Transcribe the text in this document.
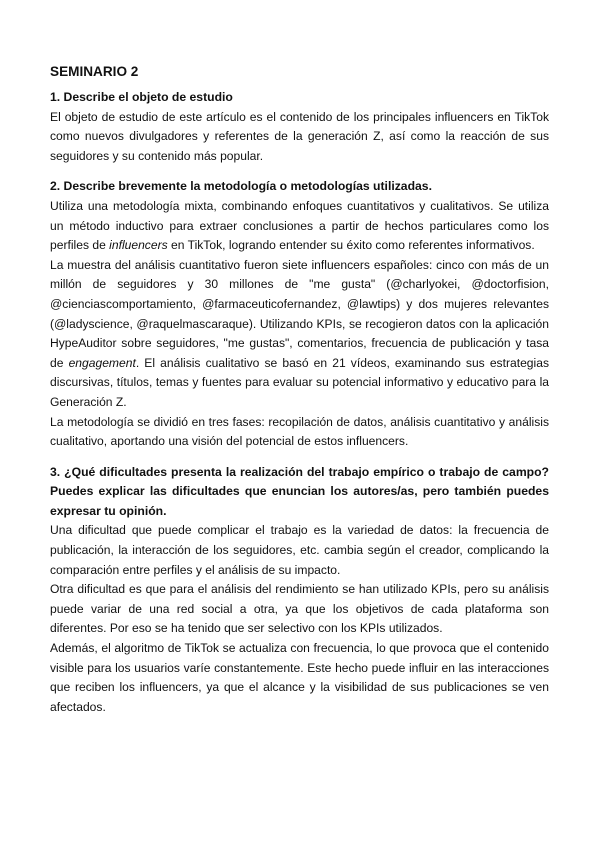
SEMINARIO 2
1. Describe el objeto de estudio

El objeto de estudio de este artículo es el contenido de los principales influencers en TikTok como nuevos divulgadores y referentes de la generación Z, así como la reacción de sus seguidores y su contenido más popular.

2. Describe brevemente la metodología o metodologías utilizadas.

Utiliza una metodología mixta, combinando enfoques cuantitativos y cualitativos. Se utiliza un método inductivo para extraer conclusiones a partir de hechos particulares como los perfiles de influencers en TikTok, logrando entender su éxito como referentes informativos.

La muestra del análisis cuantitativo fueron siete influencers españoles: cinco con más de un millón de seguidores y 30 millones de "me gusta" (@charlyokei, @doctorfision, @cienciascomportamiento, @farmaceuticofernandez, @lawtips) y dos mujeres relevantes (@ladyscience, @raquelmascaraque). Utilizando KPIs, se recogieron datos con la aplicación HypeAuditor sobre seguidores, "me gustas", comentarios, frecuencia de publicación y tasa de engagement. El análisis cualitativo se basó en 21 vídeos, examinando sus estrategias discursivas, títulos, temas y fuentes para evaluar su potencial informativo y educativo para la Generación Z.

La metodología se dividió en tres fases: recopilación de datos, análisis cuantitativo y análisis cualitativo, aportando una visión del potencial de estos influencers.

3. ¿Qué dificultades presenta la realización del trabajo empírico o trabajo de campo? Puedes explicar las dificultades que enuncian los autores/as, pero también puedes expresar tu opinión.

Una dificultad que puede complicar el trabajo es la variedad de datos: la frecuencia de publicación, la interacción de los seguidores, etc. cambia según el creador, complicando la comparación entre perfiles y el análisis de su impacto.

Otra dificultad es que para el análisis del rendimiento se han utilizado KPIs, pero su análisis puede variar de una red social a otra, ya que los objetivos de cada plataforma son diferentes. Por eso se ha tenido que ser selectivo con los KPIs utilizados.

Además, el algoritmo de TikTok se actualiza con frecuencia, lo que provoca que el contenido visible para los usuarios varíe constantemente. Este hecho puede influir en las interacciones que reciben los influencers, ya que el alcance y la visibilidad de sus publicaciones se ven afectados.
